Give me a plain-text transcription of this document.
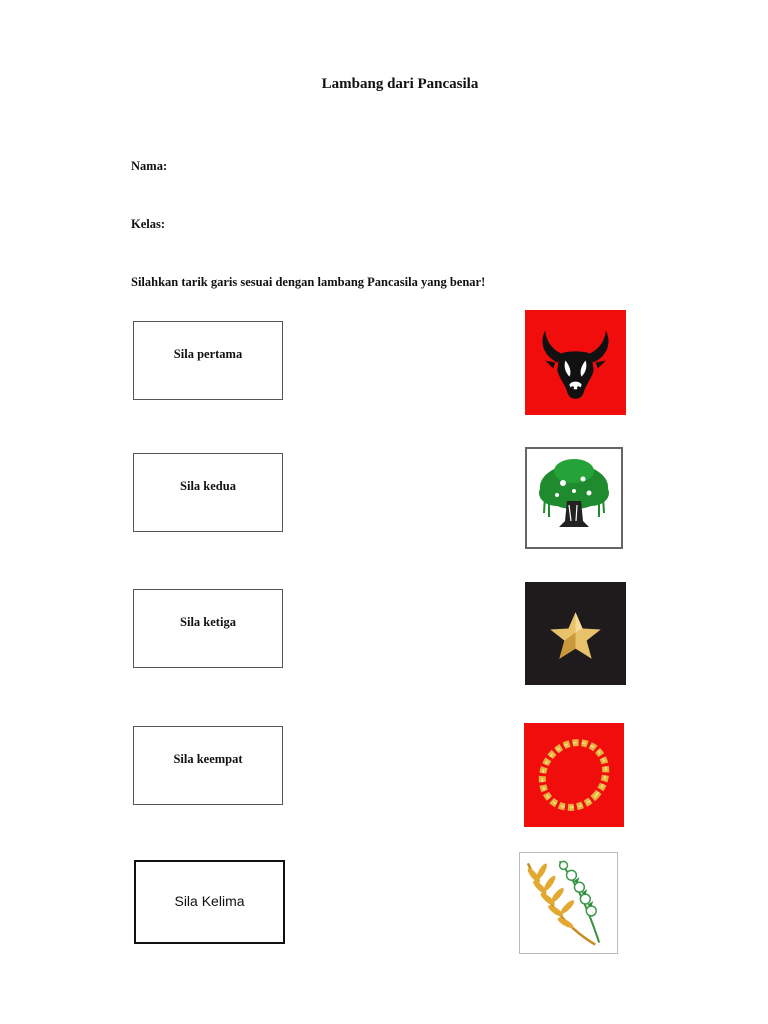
Lambang dari Pancasila
Nama:
Kelas:
Silahkan tarik garis sesuai dengan lambang Pancasila yang benar!
Sila pertama
Sila kedua
Sila ketiga
Sila keempat
Sila Kelima
